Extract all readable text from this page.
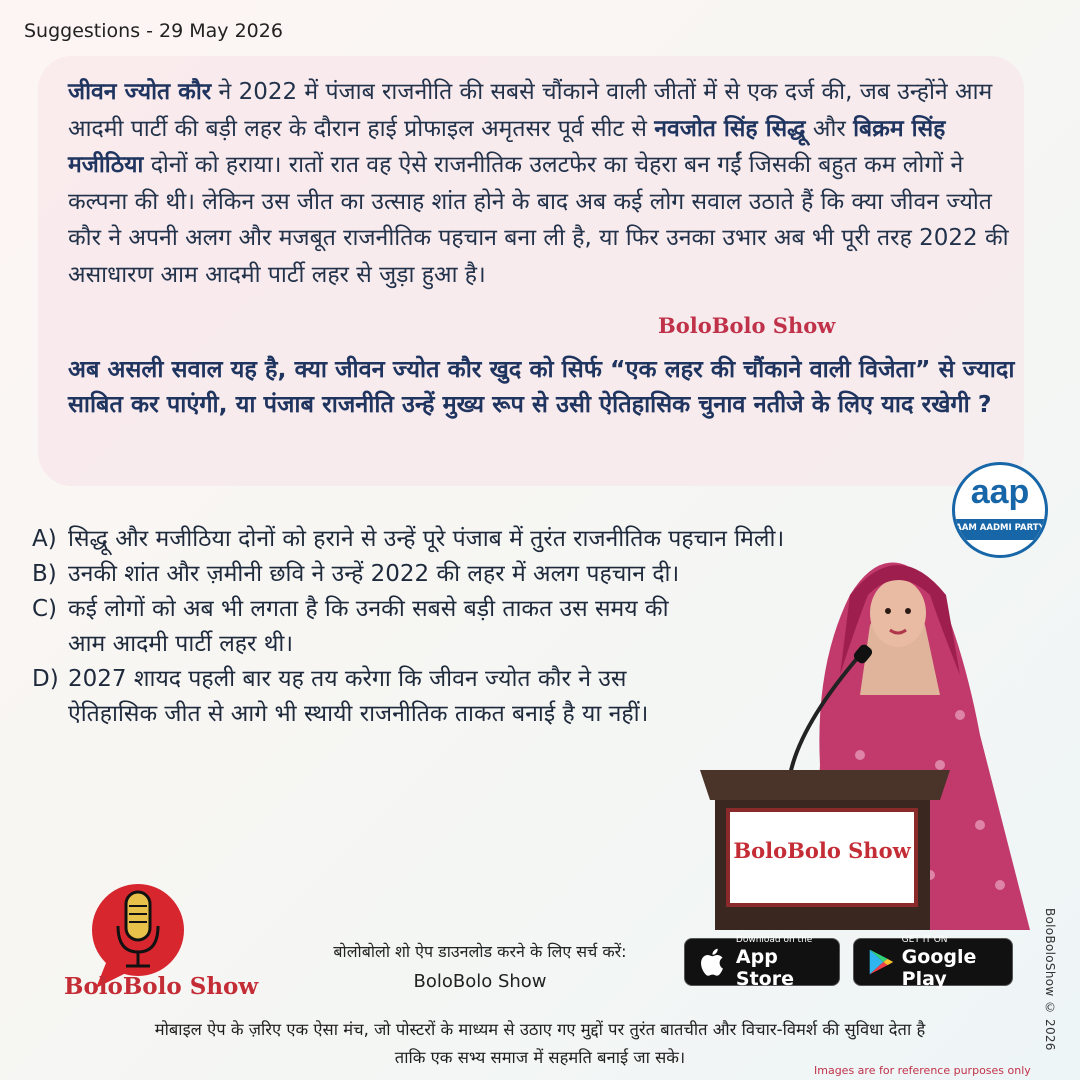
Suggestions - 29 May 2026
जीवन ज्योत कौर ने 2022 में पंजाब राजनीति की सबसे चौंकाने वाली जीतों में से एक दर्ज की, जब उन्होंने आम आदमी पार्टी की बड़ी लहर के दौरान हाई प्रोफाइल अमृतसर पूर्व सीट से नवजोत सिंह सिद्धू और बिक्रम सिंह मजीठिया दोनों को हराया। रातों रात वह ऐसे राजनीतिक उलटफेर का चेहरा बन गईं जिसकी बहुत कम लोगों ने कल्पना की थी। लेकिन उस जीत का उत्साह शांत होने के बाद अब कई लोग सवाल उठाते हैं कि क्या जीवन ज्योत कौर ने अपनी अलग और मजबूत राजनीतिक पहचान बना ली है, या फिर उनका उभार अब भी पूरी तरह 2022 की असाधारण आम आदमी पार्टी लहर से जुड़ा हुआ है।
BoloBolo Show
अब असली सवाल यह है, क्या जीवन ज्योत कौर खुद को सिर्फ “एक लहर की चौंकाने वाली विजेता” से ज्यादा साबित कर पाएंगी, या पंजाब राजनीति उन्हें मुख्य रूप से उसी ऐतिहासिक चुनाव नतीजे के लिए याद रखेगी ?
aap
AAM AADMI PARTY
A) सिद्धू और मजीठिया दोनों को हराने से उन्हें पूरे पंजाब में तुरंत राजनीतिक पहचान मिली।
B) उनकी शांत और ज़मीनी छवि ने उन्हें 2022 की लहर में अलग पहचान दी।
C) कई लोगों को अब भी लगता है कि उनकी सबसे बड़ी ताकत उस समय की आम आदमी पार्टी लहर थी।
D) 2027 शायद पहली बार यह तय करेगा कि जीवन ज्योत कौर ने उस ऐतिहासिक जीत से आगे भी स्थायी राजनीतिक ताकत बनाई है या नहीं।
BoloBolo Show
BoloBolo Show
बोलोबोलो शो ऐप डाउनलोड करने के लिए सर्च करें:
BoloBolo Show
Download on the
App Store
GET IT ON
Google Play
मोबाइल ऐप के ज़रिए एक ऐसा मंच, जो पोस्टरों के माध्यम से उठाए गए मुद्दों पर तुरंत बातचीत और विचार-विमर्श की सुविधा देता है
ताकि एक सभ्य समाज में सहमति बनाई जा सके।
BoloBoloShow © 2026
Images are for reference purposes only
